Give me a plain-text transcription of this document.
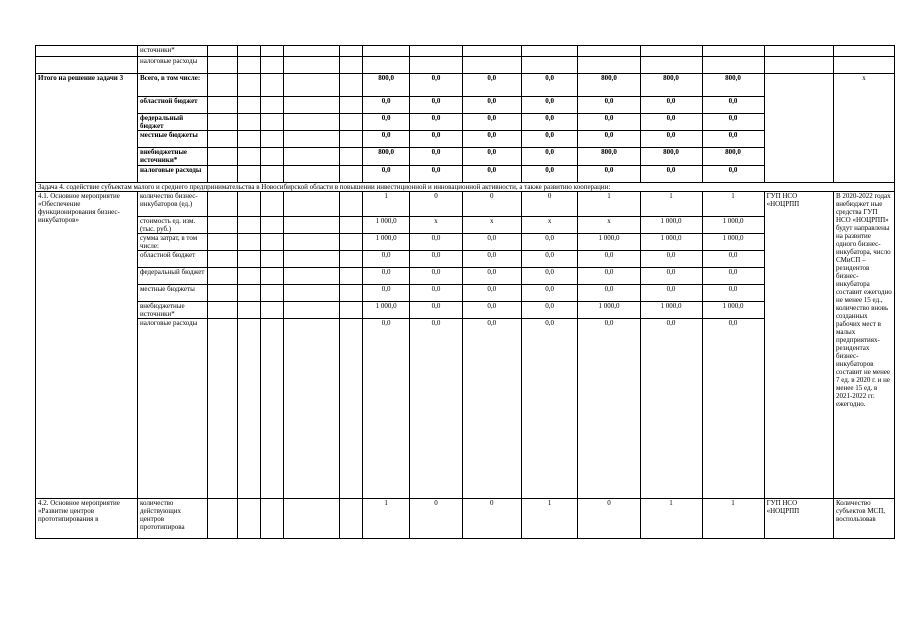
	источники*														
	налоговые расходы														
Итого на решение задачи 3	Всего, в том числе:						800,0	0,0	0,0	0,0	800,0	800,0	800,0		х
	областной бюджет						0,0	0,0	0,0	0,0	0,0	0,0	0,0		
	федеральный бюджет						0,0	0,0	0,0	0,0	0,0	0,0	0,0		
	местные бюджеты						0,0	0,0	0,0	0,0	0,0	0,0	0,0		
	внебюджетные источники*						800,0	0,0	0,0	0,0	800,0	800,0	800,0		
	налоговые расходы						0,0	0,0	0,0	0,0	0,0	0,0	0,0		
Задача 4. содействие субъектам малого и среднего предпринимательства в Новосибирской области в повышении инвестиционной и инновационной активности, а также развитию кооперации:															
4.1. Основное мероприятие «Обеспечение функционирования бизнес-инкубаторов»	количество бизнес-инкубаторов (ед.)						1	0	0	0	1	1	1	ГУП НСО «НОЦРПП	В 2020-2022 годах внебюджет ные средства ГУП НСО «НОЦРПП» будут направлены на развитие одного бизнес-инкубатора, число СМиСП – резидентов бизнес-инкубатора составит ежегодно не менее 15 ед., количество вновь созданных рабочих мест в малых предприятиях-резидентах бизнес-инкубаторов составит не менее 7 ед. в 2020 г. и не менее 15 ед. в 2021-2022 гг. ежегодно.
	стоимость ед. изм. (тыс. руб.)						1 000,0	х	х	х	х	1 000,0	1 000,0		
	сумма затрат, в том числе:						1 000,0	0,0	0,0	0,0	1 000,0	1 000,0	1 000,0		
	областной бюджет						0,0	0,0	0,0	0,0	0,0	0,0	0,0		
	федеральный бюджет						0,0	0,0	0,0	0,0	0,0	0,0	0,0		
	местные бюджеты						0,0	0,0	0,0	0,0	0,0	0,0	0,0		
	внебюджетные источники*						1 000,0	0,0	0,0	0,0	1 000,0	1 000,0	1 000,0		
	налоговые расходы						0,0	0,0	0,0	0,0	0,0	0,0	0,0		
4.2. Основное мероприятие «Развитие центров прототипирования в	количество действующих центров прототипирова						1	0	0	1	0	1	1	ГУП НСО «НОЦРПП	Количество субъектов МСП, воспользовав
